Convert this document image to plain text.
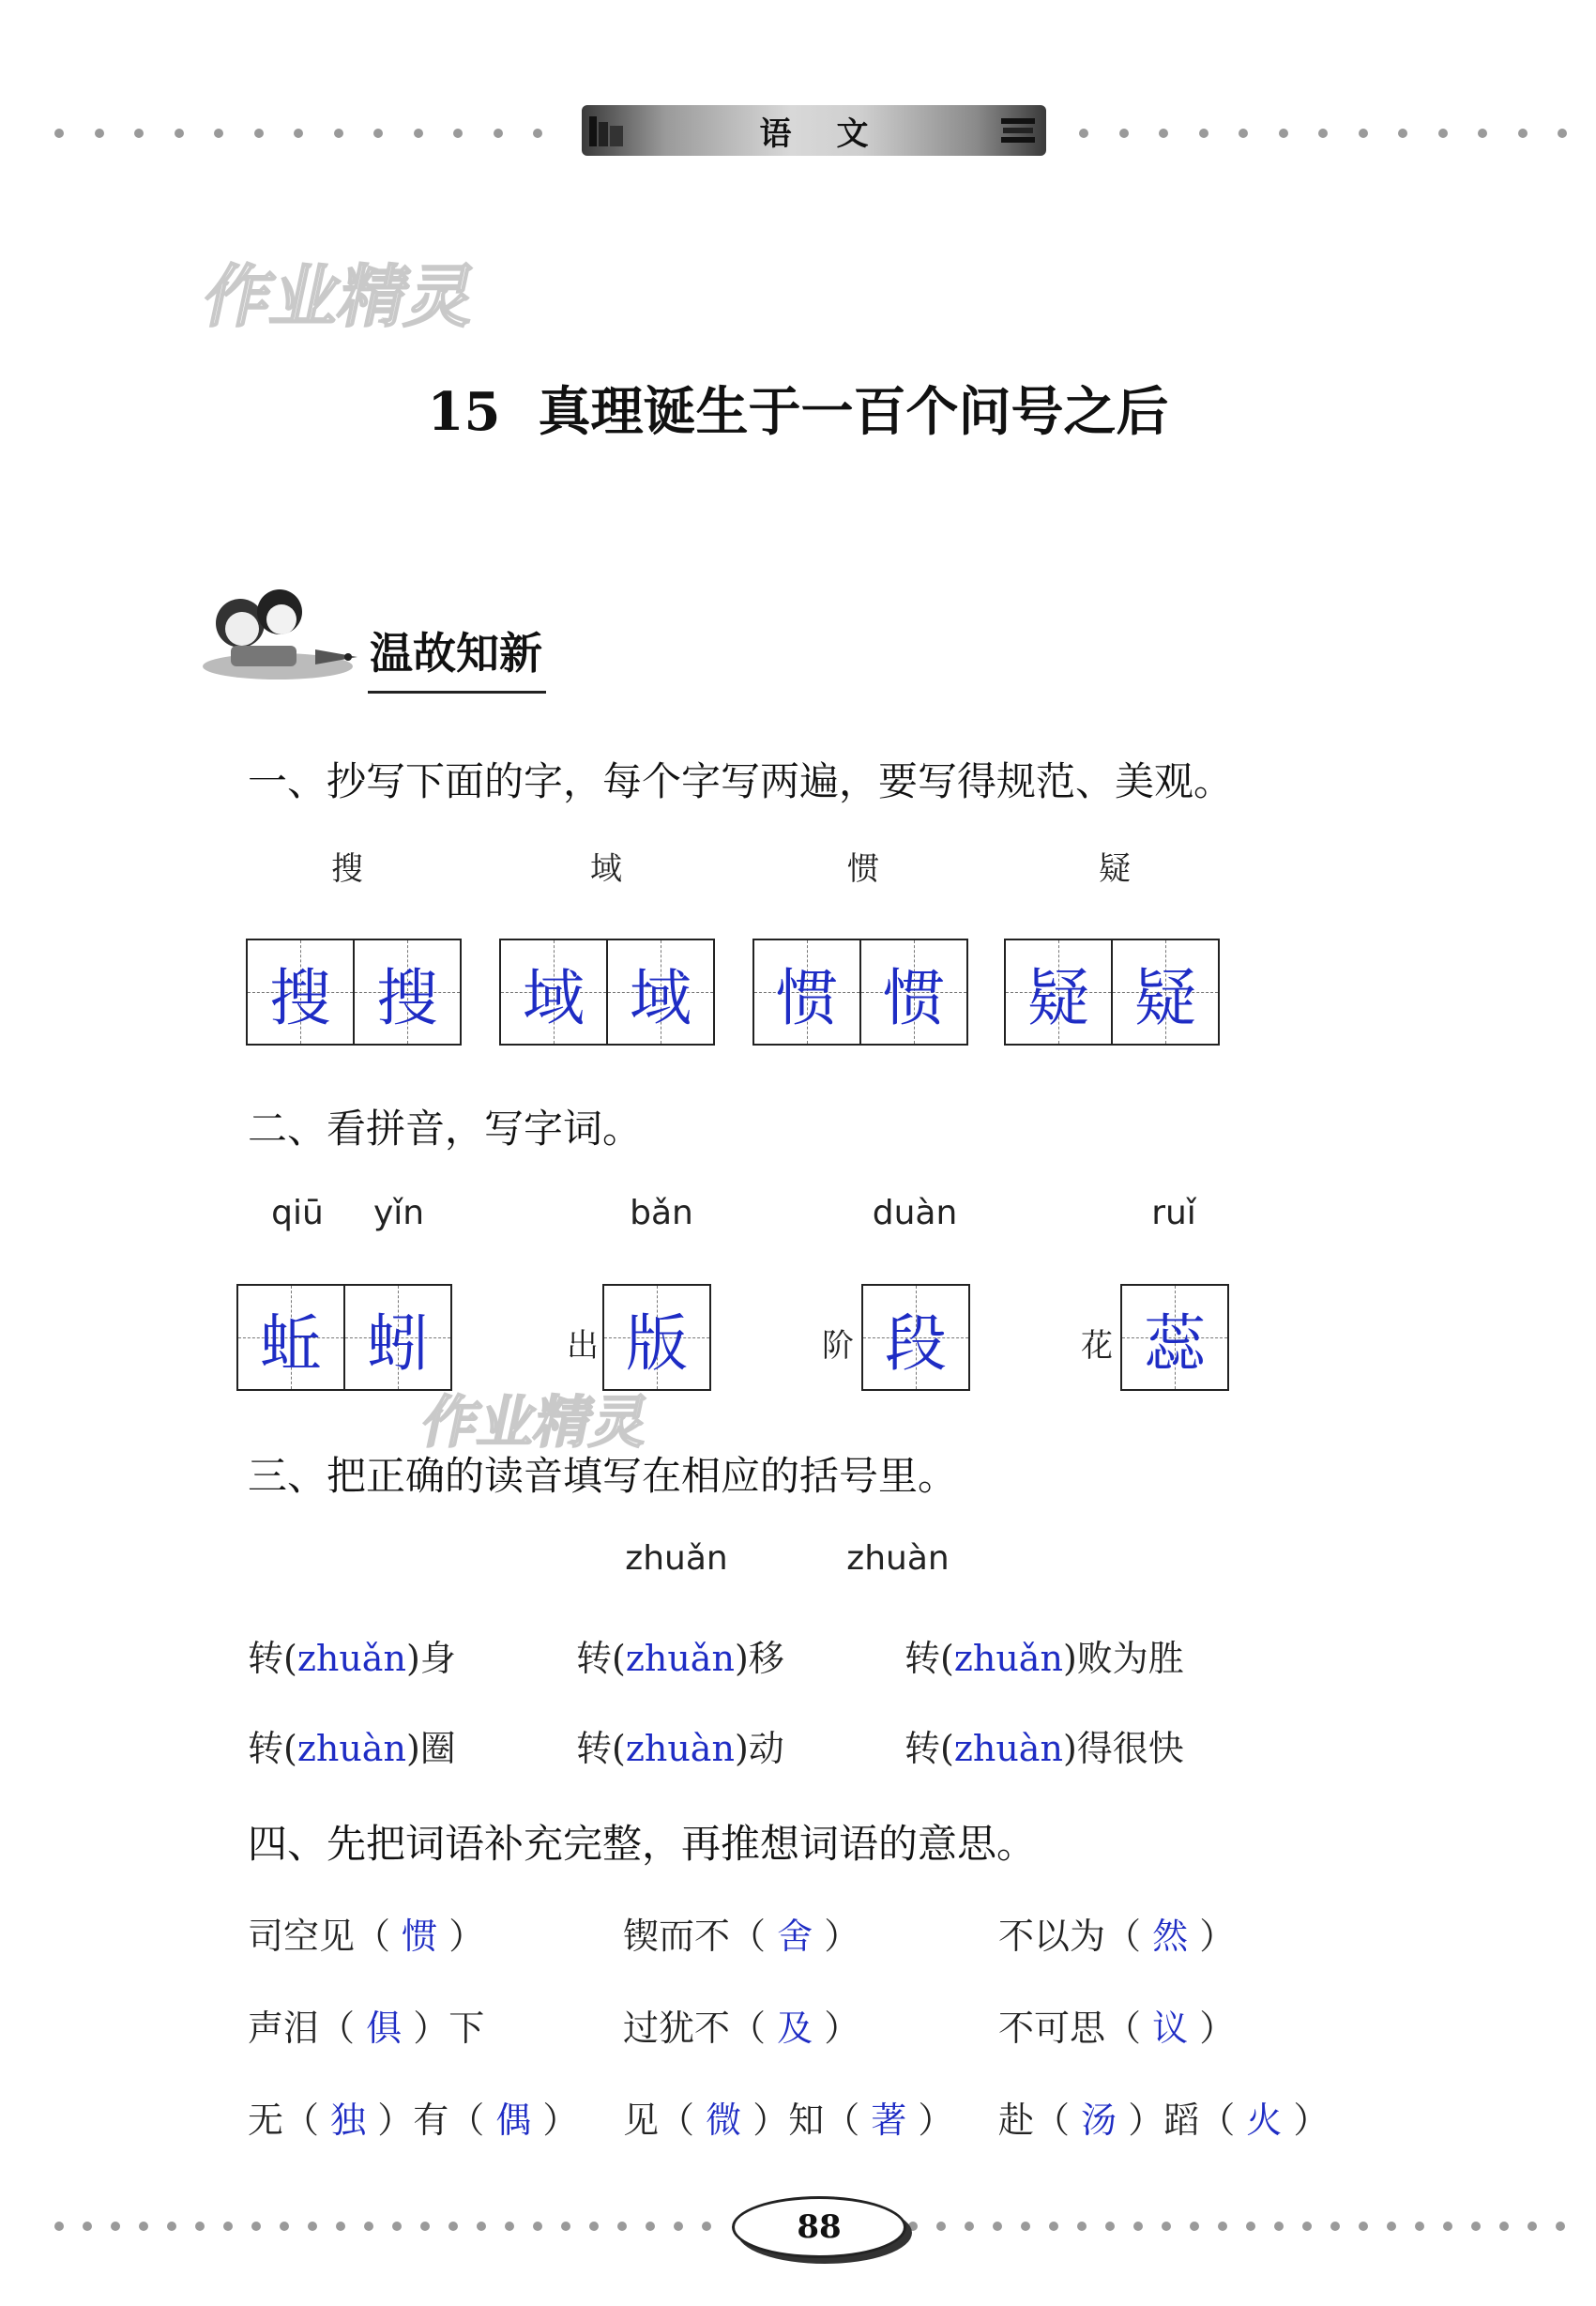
语文
作业精灵
作业精灵
15 真理诞生于一百个问号之后
温故知新
一、抄写下面的字，每个字写两遍，要写得规范、美观。
搜	域	惯	疑
搜 搜 域 域 惯 惯 疑 疑
二、看拼音，写字词。
qiū	yǐn	bǎn	duàn	ruǐ
蚯 蚓	出 版	阶 段	花 蕊
三、把正确的读音填写在相应的括号里。
zhuǎn	zhuàn
转(zhuǎn)身	转(zhuǎn)移	转(zhuǎn)败为胜
转(zhuàn)圈	转(zhuàn)动	转(zhuàn)得很快
四、先把词语补充完整，再推想词语的意思。
司空见（ 惯 ）	锲而不（ 舍 ）	不以为（ 然 ）
声泪（ 俱 ）下	过犹不（ 及 ）	不可思（ 议 ）
无（ 独 ）有（ 偶 ） 见（ 微 ）知（ 著 ） 赴（ 汤 ）蹈（ 火 ）
88
